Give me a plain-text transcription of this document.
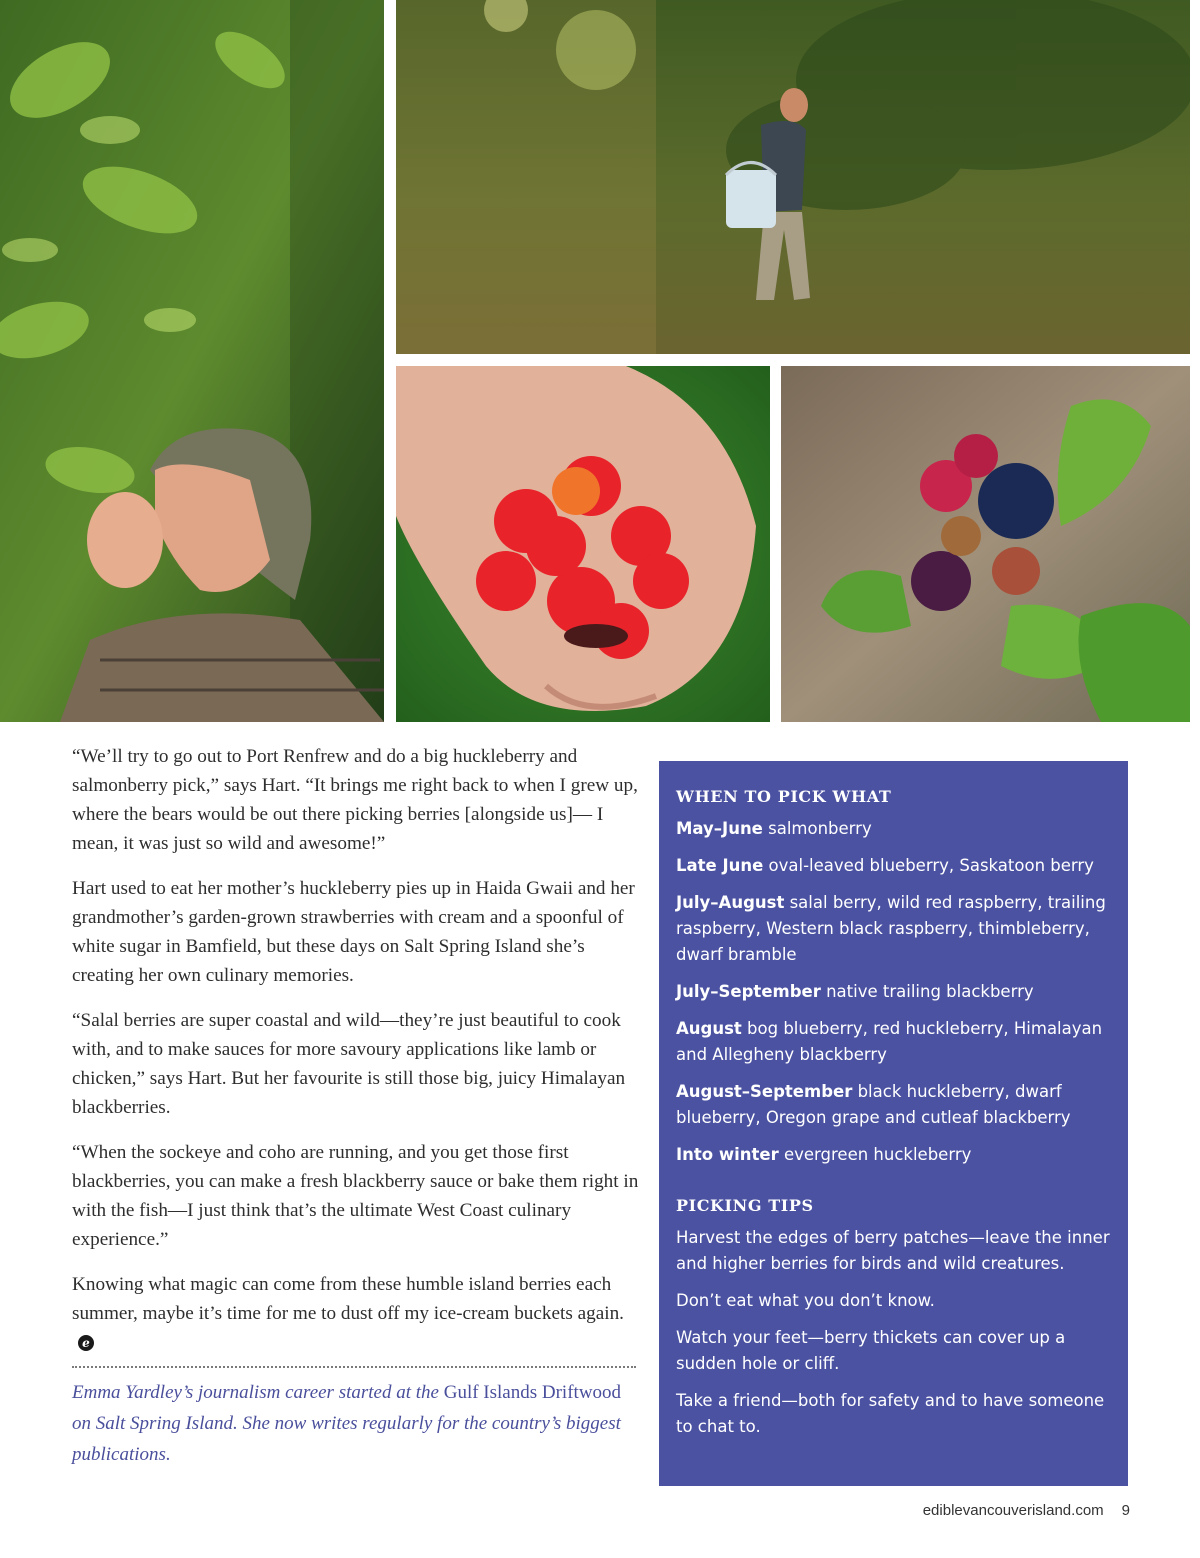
“We’ll try to go out to Port Renfrew and do a big huckleberry and salmonberry pick,” says Hart. “It brings me right back to when I grew up, where the bears would be out there picking berries [alongside us]— I mean, it was just so wild and awesome!”

Hart used to eat her mother’s huckleberry pies up in Haida Gwaii and her grandmother’s garden-grown strawberries with cream and a spoonful of white sugar in Bamfield, but these days on Salt Spring Island she’s creating her own culinary memories.

“Salal berries are super coastal and wild—they’re just beautiful to cook with, and to make sauces for more savoury applications like lamb or chicken,” says Hart. But her favourite is still those big, juicy Himalayan blackberries.

“When the sockeye and coho are running, and you get those first blackberries, you can make a fresh blackberry sauce or bake them right in with the fish—I just think that’s the ultimate West Coast culinary experience.”

Knowing what magic can come from these humble island berries each summer, maybe it’s time for me to dust off my ice-cream buckets again.e

Emma Yardley’s journalism career started at the Gulf Islands Driftwood on Salt Spring Island. She now writes regularly for the country’s biggest publications.
WHEN TO PICK WHAT
May–June salmonberry
Late June oval-leaved blueberry, Saskatoon berry
July–August salal berry, wild red raspberry, trailing raspberry, Western black raspberry, thimbleberry, dwarf bramble
July–September native trailing blackberry
August bog blueberry, red huckleberry, Himalayan and Allegheny blackberry
August–September black huckleberry, dwarf blueberry, Oregon grape and cutleaf blackberry
Into winter evergreen huckleberry
PICKING TIPS
Harvest the edges of berry patches—leave the inner and higher berries for birds and wild creatures.
Don’t eat what you don’t know.
Watch your feet—berry thickets can cover up a sudden hole or cliff.
Take a friend—both for safety and to have someone to chat to.
ediblevancouverisland.com 9
